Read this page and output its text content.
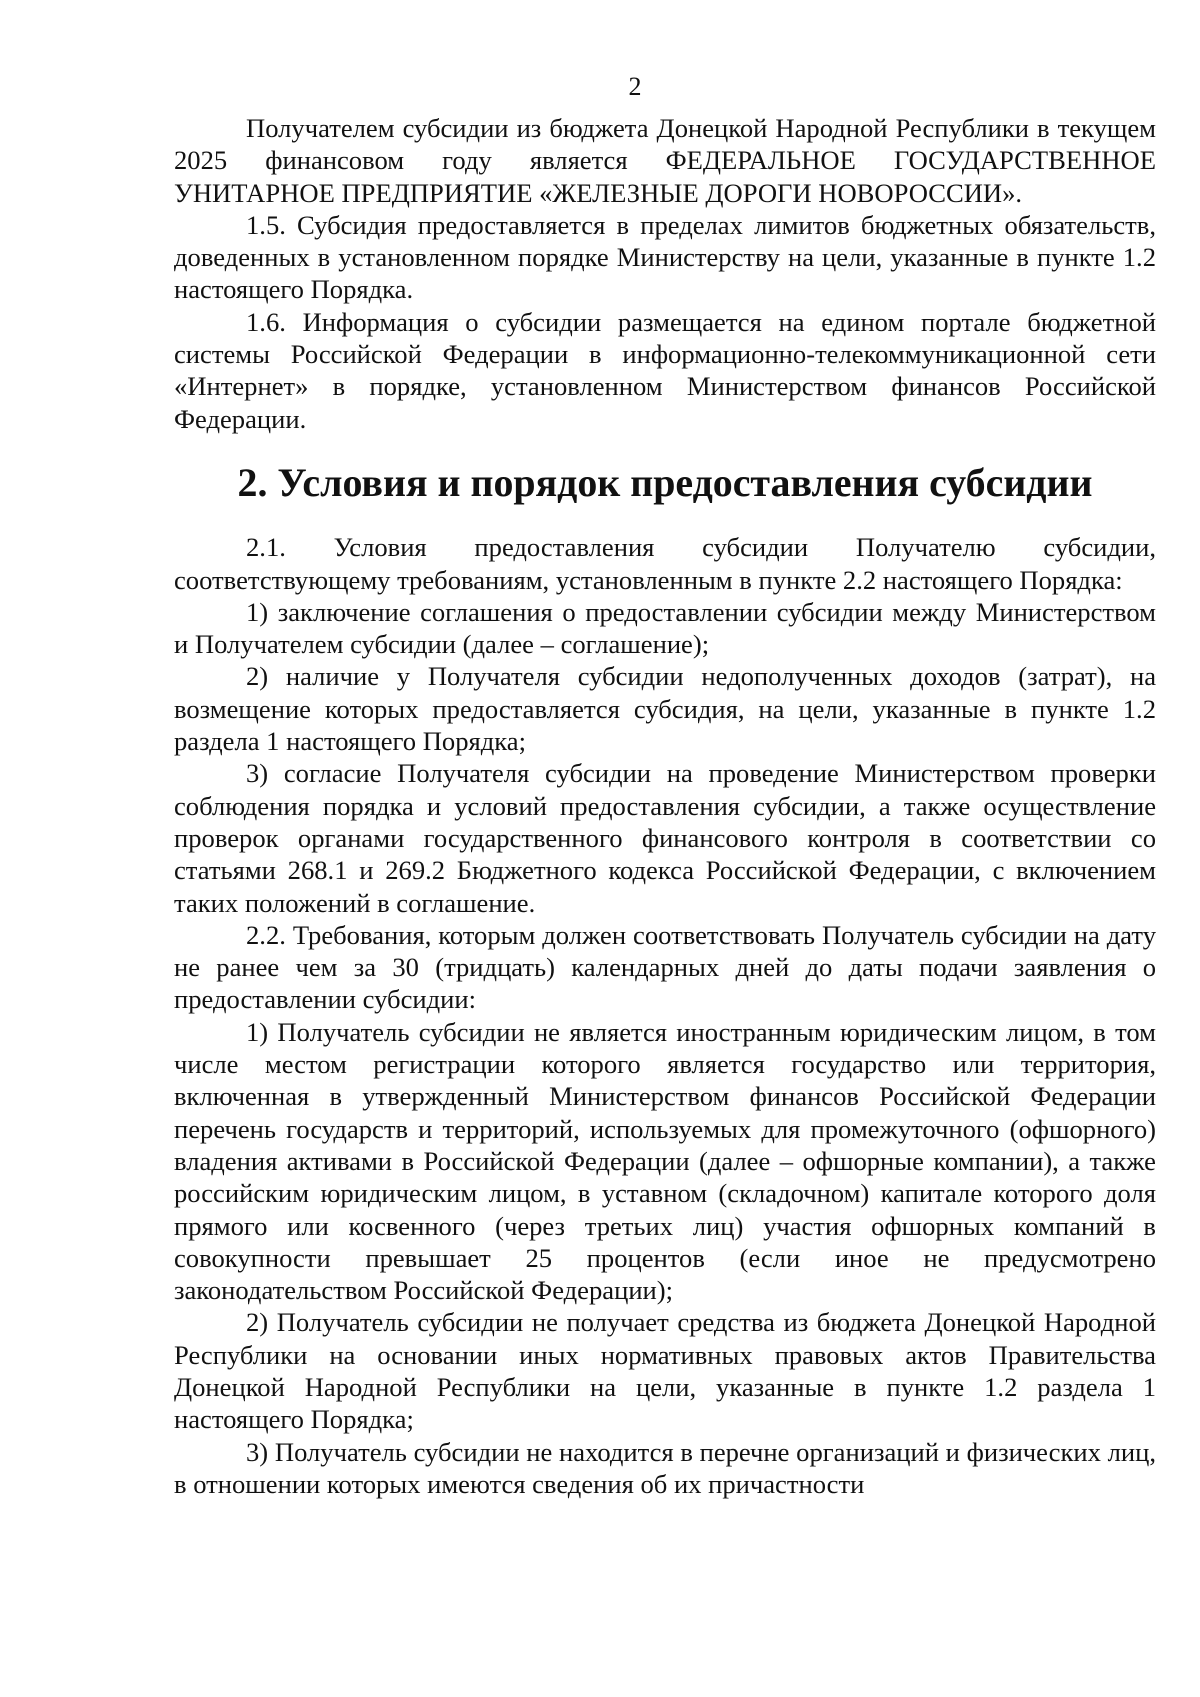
2

Получателем субсидии из бюджета Донецкой Народной Республики в текущем 2025 финансовом году является ФЕДЕРАЛЬНОЕ ГОСУДАРСТВЕННОЕ УНИТАРНОЕ ПРЕДПРИЯТИЕ «ЖЕЛЕЗНЫЕ ДОРОГИ НОВОРОССИИ».

1.5. Субсидия предоставляется в пределах лимитов бюджетных обязательств, доведенных в установленном порядке Министерству на цели, указанные в пункте 1.2 настоящего Порядка.

1.6. Информация о субсидии размещается на едином портале бюджетной системы Российской Федерации в информационно-телекоммуникационной сети «Интернет» в порядке, установленном Министерством финансов Российской Федерации.

2. Условия и порядок предоставления субсидии

2.1. Условия предоставления субсидии Получателю субсидии, соответствующему требованиям, установленным в пункте 2.2 настоящего Порядка:

1) заключение соглашения о предоставлении субсидии между Министерством и Получателем субсидии (далее – соглашение);

2) наличие у Получателя субсидии недополученных доходов (затрат), на возмещение которых предоставляется субсидия, на цели, указанные в пункте 1.2 раздела 1 настоящего Порядка;

3) согласие Получателя субсидии на проведение Министерством проверки соблюдения порядка и условий предоставления субсидии, а также осуществление проверок органами государственного финансового контроля в соответствии со статьями 268.1 и 269.2 Бюджетного кодекса Российской Федерации, с включением таких положений в соглашение.

2.2. Требования, которым должен соответствовать Получатель субсидии на дату не ранее чем за 30 (тридцать) календарных дней до даты подачи заявления о предоставлении субсидии:

1) Получатель субсидии не является иностранным юридическим лицом, в том числе местом регистрации которого является государство или территория, включенная в утвержденный Министерством финансов Российской Федерации перечень государств и территорий, используемых для промежуточного (офшорного) владения активами в Российской Федерации (далее – офшорные компании), а также российским юридическим лицом, в уставном (складочном) капитале которого доля прямого или косвенного (через третьих лиц) участия офшорных компаний в совокупности превышает 25 процентов (если иное не предусмотрено законодательством Российской Федерации);

2) Получатель субсидии не получает средства из бюджета Донецкой Народной Республики на основании иных нормативных правовых актов Правительства Донецкой Народной Республики на цели, указанные в пункте 1.2 раздела 1 настоящего Порядка;

3) Получатель субсидии не находится в перечне организаций и физических лиц, в отношении которых имеются сведения об их причастности
